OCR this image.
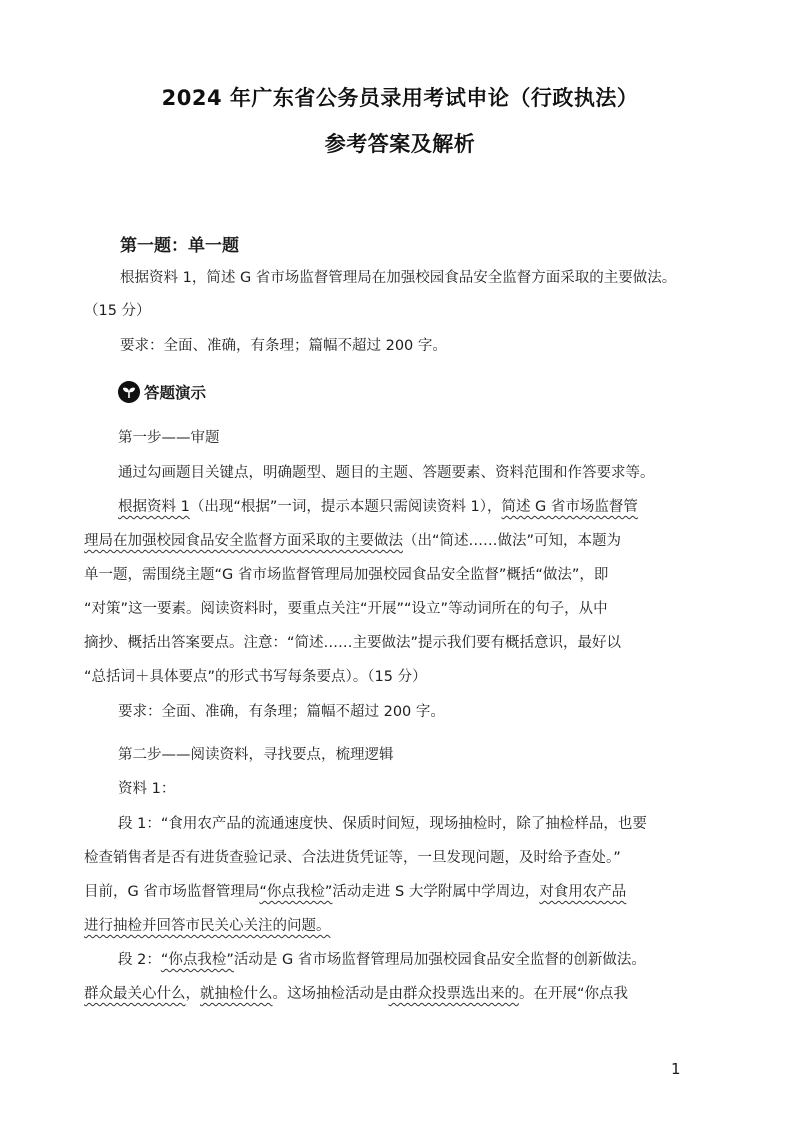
2024 年广东省公务员录用考试申论（行政执法）
参考答案及解析
第一题：单一题
根据资料 1，简述 G 省市场监督管理局在加强校园食品安全监督方面采取的主要做法。
（15 分）
要求：全面、准确，有条理；篇幅不超过 200 字。
答题演示
第一步——审题
通过勾画题目关键点，明确题型、题目的主题、答题要素、资料范围和作答要求等。
根据资料 1（出现“根据”一词，提示本题只需阅读资料 1），简述 G 省市场监督管
理局在加强校园食品安全监督方面采取的主要做法（出“简述……做法”可知，本题为
单一题，需围绕主题“G 省市场监督管理局加强校园食品安全监督”概括“做法”，即
“对策”这一要素。阅读资料时，要重点关注“开展”“设立”等动词所在的句子，从中
摘抄、概括出答案要点。注意：“简述……主要做法”提示我们要有概括意识，最好以
“总括词＋具体要点”的形式书写每条要点）。（15 分）
要求：全面、准确，有条理；篇幅不超过 200 字。
第二步——阅读资料，寻找要点，梳理逻辑
资料 1：
段 1：“食用农产品的流通速度快、保质时间短，现场抽检时，除了抽检样品，也要
检查销售者是否有进货查验记录、合法进货凭证等，一旦发现问题，及时给予查处。”
目前，G 省市场监督管理局“你点我检”活动走进 S 大学附属中学周边，对食用农产品
进行抽检并回答市民关心关注的问题。
段 2：“你点我检”活动是 G 省市场监督管理局加强校园食品安全监督的创新做法。
群众最关心什么，就抽检什么。这场抽检活动是由群众投票选出来的。在开展“你点我
1
